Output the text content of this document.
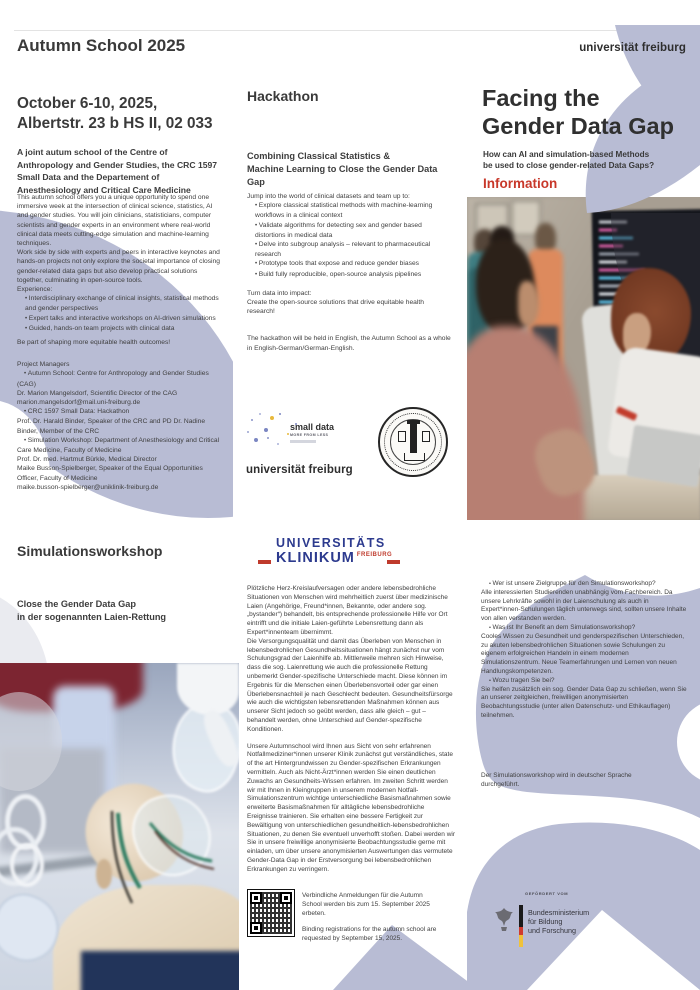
Autumn School 2025

October 6-10, 2025,

Albertstr. 23 b HS II, 02 033

A joint autum school of the Centre of Anthropology and Gender Studies, the CRC 1597 Small Data and the Departement of Anesthesiology and Critical Care Medicine

This autumn school offers you a unique opportunity to spend one immersive week at the intersection of clinical science, statistics, AI and gender studies. You will join clinicians, statisticians, computer scientists and gender experts in an environment where real-world clinical data meets cutting-edge simulation and machine-learning techniques.

Work side by side with experts and peers in interactive keynotes and hands-on projects not only explore the societal importance of closing gender-related data gaps but also develop practical solutions together, culminating in open-source tools.

Experience:

• Interdisciplinary exchange of clinical insights, statistical methods and gender perspectives

• Expert talks and interactive workshops on AI-driven simulations

• Guided, hands-on team projects with clinical data

Be part of shaping more equitable health outcomes!

Project Managers

• Autumn School: Centre for Anthropology and Gender Studies (CAG)

Dr. Marion Mangelsdorf, Scientific Director of the CAG

marion.mangelsdorf@mail.uni-freiburg.de

• CRC 1597 Small Data: Hackathon

Prof. Dr. Harald Binder, Speaker of the CRC and PD Dr. Nadine Binder, Member of the CRC

• Simulation Workshop: Department of Anesthesiology and Critical Care Medicine, Faculty of Medicine

Prof. Dr. med. Hartmut Bürkle, Medical Director

Maike Busson-Spielberger, Speaker of the Equal Opportunities Officer, Faculty of Medicine

maike.busson-spielberger@uniklinik-freiburg.de

Hackathon

Combining Classical Statistics &

Machine Learning to Close the Gender Data Gap

Jump into the world of clinical datasets and team up to:

• Explore classical statistical methods with machine-learning workflows in a clinical context

• Validate algorithms for detecting sex and gender based distortions in medical data

• Delve into subgroup analysis – relevant to pharmaceutical research

• Prototype tools that expose and reduce gender biases

• Build fully reproducible, open-source analysis pipelines

Turn data into impact:

Create the open-source solutions that drive equitable health research!

The hackathon will be held in English, the Autumn School as a whole in English-German/German-English.

small data
MORE FROM LESS
universität freiburg
universität freiburg

Facing the

Gender Data Gap

How can AI and simulation-based Methods

be used to close gender-related Data Gaps?

Information
Simulationsworkshop

Close the Gender Data Gap

in der sogenannten Laien-Rettung

UNIVERSITÄTS
KLINIKUM FREIBURG

Plötzliche Herz-Kreislaufversagen oder andere lebensbedrohliche Situationen von Menschen wird mehrheitlich zuerst über medizinische Laien (Angehörige, Freund*innen, Bekannte, oder andere sog. „bystander“) behandelt, bis entsprechende professionelle Hilfe vor Ort eintrifft und die initiale Laien-geführte Lebensrettung dann als Expert*innenteam übernimmt.

Die Versorgungsqualität und damit das Überleben von Menschen in lebensbedrohlichen Gesundheitssituationen hängt zunächst nur vom Schulungsgrad der Laienhilfe ab. Mittlerweile mehren sich Hinweise, dass die sog. Laienrettung wie auch die professionelle Rettung unbemerkt Gender-spezifische Unterschiede macht. Diese können im Ergebnis für die Menschen einen Überlebensvorteil oder gar einen Überlebensnachteil je nach Geschlecht bedeuten. Gesundheitsfürsorge wie auch die wichtigsten lebensrettenden Maßnahmen können aus unserer Sicht jedoch so geübt werden, dass alle gleich – gut – behandelt werden, ohne Unterschied auf Gender-spezifische Konditionen.

Unsere Autumnschool wird Ihnen aus Sicht von sehr erfahrenen Notfallmediziner*innen unserer Klinik zunächst gut verständliches, state of the art Hintergrundwissen zu Gender-spezifischen Erkrankungen vermitteln. Auch als Nicht-Ärzt*innen werden Sie einen deutlichen Zuwachs an Gesundheits-Wissen erfahren. Im zweiten Schritt werden wir mit Ihnen in Kleingruppen in unserem modernen Notfall-Simulationszentrum wichtige unterschiedliche Basismaßnahmen sowie erweiterte Basismaßnahmen für alltägliche lebensbedrohliche Ereignisse trainieren. Sie erhalten eine bessere Fertigkeit zur Bewältigung von unterschiedlichen gesundheitlich-lebensbedrohlichen Situationen, zu denen Sie eventuell unverhofft stoßen. Dabei werden wir Sie in unsere freiwillige anonymisierte Beobachtungsstudie gerne mit einladen, um über unsere anonymisierten Auswertungen das vermutete Gender-Data Gap in der Erstversorgung bei lebensbedrohlichen Erkrankungen zu verringern.

Verbindliche Anmeldungen für die Autumn School werden bis zum 15. September 2025 erbeten.

Binding registrations for the autumn school are requested by September 15, 2025.

• Wer ist unsere Zielgruppe für den Simulationsworkshop?

Alle interessierten Studierenden unabhängig vom Fachbereich. Da unsere Lehrkräfte sowohl in der Laienschulung als auch in Expert*innen-Schulungen täglich unterwegs sind, sollten unsere Inhalte von allen verstanden werden.

• Was ist Ihr Benefit an dem Simulationsworkshop?

Cooles Wissen zu Gesundheit und genderspezifischen Unterschieden, zu akuten lebensbedrohlichen Situationen sowie Schulungen zu eigenem erfolgreichen Handeln in einem modernen Simulationszentrum. Neue Teamerfahrungen und Lernen von neuen Handlungskompetenzen.

• Wozu tragen Sie bei?

Sie helfen zusätzlich ein sog. Gender Data Gap zu schließen, wenn Sie an unserer zeitgleichen, freiwilligen anonymisierten Beobachtungsstudie (unter allen Datenschutz- und Ethikauflagen) teilnehmen.

Der Simulationsworkshop wird in deutscher Sprache

durchgeführt.

GEFÖRDERT VOM

Bundesministerium

für Bildung

und Forschung
